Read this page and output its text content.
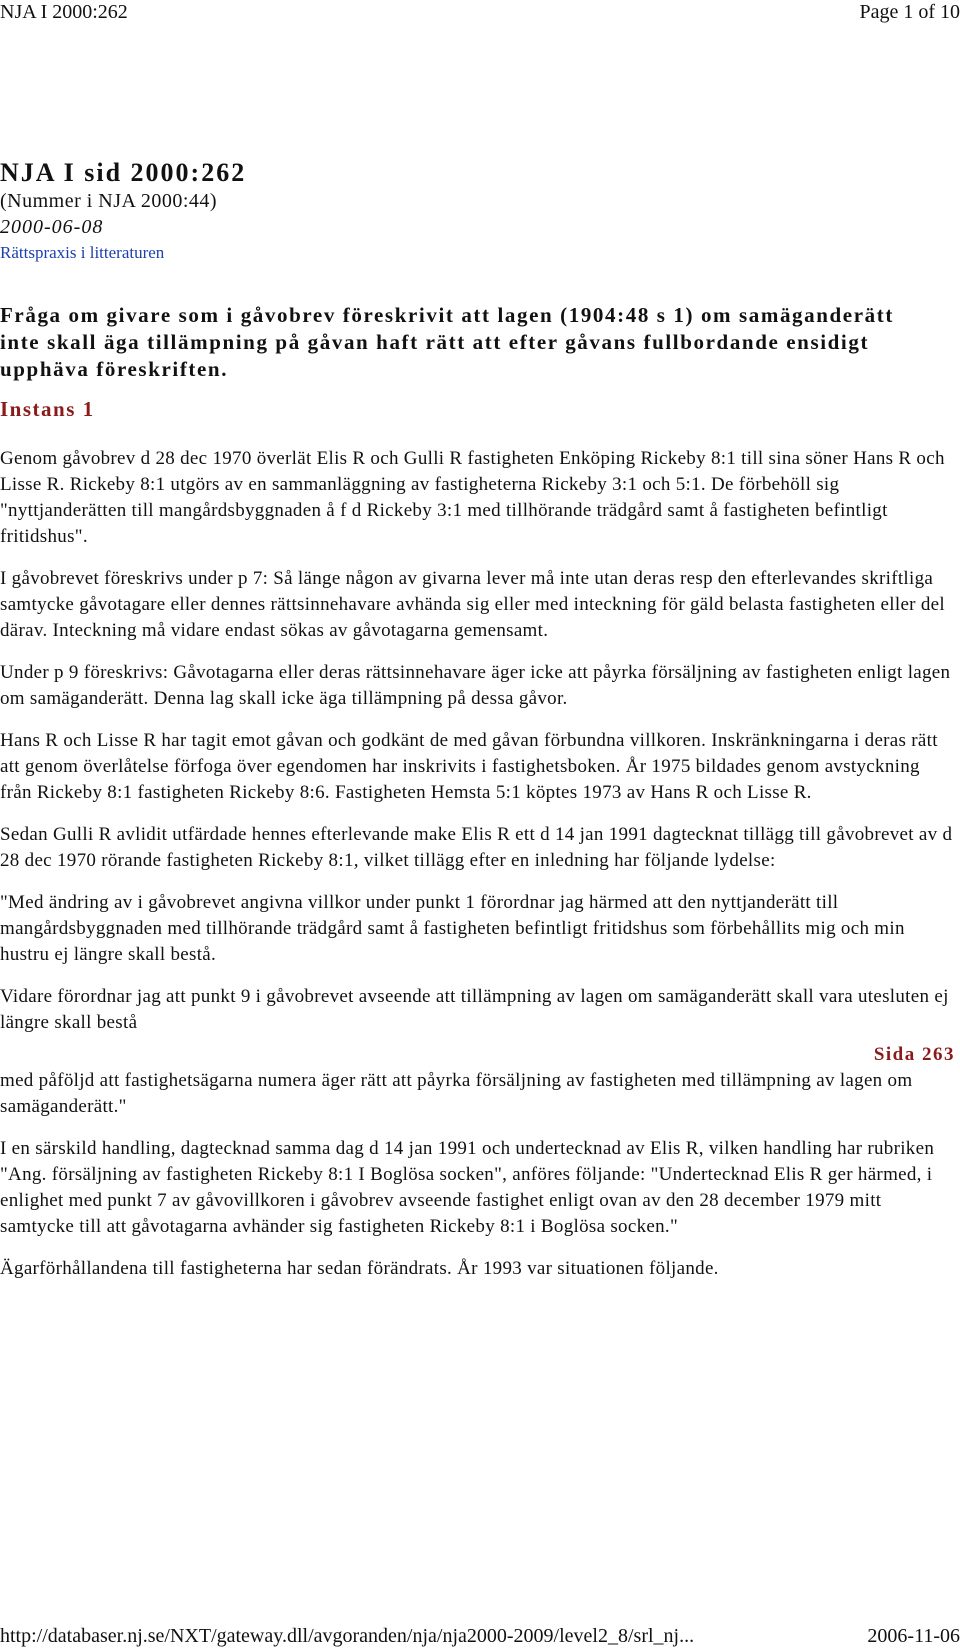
NJA I 2000:262	Page 1 of 10
NJA I sid 2000:262
(Nummer i NJA 2000:44)
2000-06-08
Rättspraxis i litteraturen
Fråga om givare som i gåvobrev föreskrivit att lagen (1904:48 s 1) om samäganderätt inte skall äga tillämpning på gåvan haft rätt att efter gåvans fullbordande ensidigt upphäva föreskriften.
Instans 1

Genom gåvobrev d 28 dec 1970 överlät Elis R och Gulli R fastigheten Enköping Rickeby 8:1 till sina söner Hans R och Lisse R. Rickeby 8:1 utgörs av en sammanläggning av fastigheterna Rickeby 3:1 och 5:1. De förbehöll sig "nyttjanderätten till mangårdsbyggnaden å f d Rickeby 3:1 med tillhörande trädgård samt å fastigheten befintligt fritidshus".

I gåvobrevet föreskrivs under p 7: Så länge någon av givarna lever må inte utan deras resp den efterlevandes skriftliga samtycke gåvotagare eller dennes rättsinnehavare avhända sig eller med inteckning för gäld belasta fastigheten eller del därav. Inteckning må vidare endast sökas av gåvotagarna gemensamt.

Under p 9 föreskrivs: Gåvotagarna eller deras rättsinnehavare äger icke att påyrka försäljning av fastigheten enligt lagen om samäganderätt. Denna lag skall icke äga tillämpning på dessa gåvor.

Hans R och Lisse R har tagit emot gåvan och godkänt de med gåvan förbundna villkoren. Inskränkningarna i deras rätt att genom överlåtelse förfoga över egendomen har inskrivits i fastighetsboken. År 1975 bildades genom avstyckning från Rickeby 8:1 fastigheten Rickeby 8:6. Fastigheten Hemsta 5:1 köptes 1973 av Hans R och Lisse R.

Sedan Gulli R avlidit utfärdade hennes efterlevande make Elis R ett d 14 jan 1991 dagtecknat tillägg till gåvobrevet av d 28 dec 1970 rörande fastigheten Rickeby 8:1, vilket tillägg efter en inledning har följande lydelse:

"Med ändring av i gåvobrevet angivna villkor under punkt 1 förordnar jag härmed att den nyttjanderätt till mangårdsbyggnaden med tillhörande trädgård samt å fastigheten befintligt fritidshus som förbehållits mig och min hustru ej längre skall bestå.

Vidare förordnar jag att punkt 9 i gåvobrevet avseende att tillämpning av lagen om samäganderätt skall vara utesluten ej längre skall bestå

Sida 263

med påföljd att fastighetsägarna numera äger rätt att påyrka försäljning av fastigheten med tillämpning av lagen om samäganderätt."

I en särskild handling, dagtecknad samma dag d 14 jan 1991 och undertecknad av Elis R, vilken handling har rubriken "Ang. försäljning av fastigheten Rickeby 8:1 I Boglösa socken", anföres följande: "Undertecknad Elis R ger härmed, i enlighet med punkt 7 av gåvovillkoren i gåvobrev avseende fastighet enligt ovan av den 28 december 1979 mitt samtycke till att gåvotagarna avhänder sig fastigheten Rickeby 8:1 i Boglösa socken."

Ägarförhållandena till fastigheterna har sedan förändrats. År 1993 var situationen följande.

http://databaser.nj.se/NXT/gateway.dll/avgoranden/nja/nja2000-2009/level2_8/srl_nj...	2006-11-06
